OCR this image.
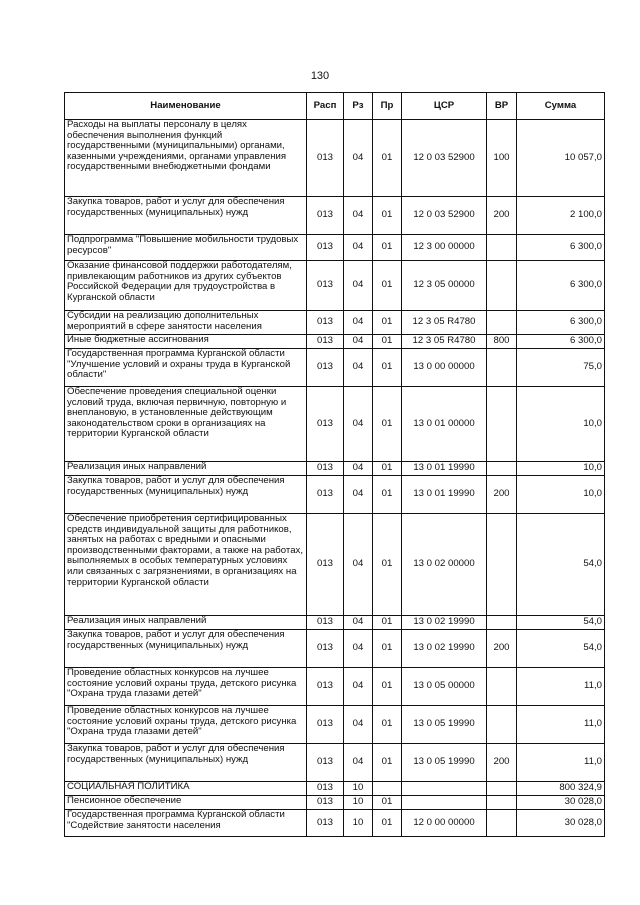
130
Наименование	Расп	Рз	Пр	ЦСР	ВР	Сумма
Расходы на выплаты персоналу в целях обеспечения выполнения функций государственными (муниципальными) органами, казенными учреждениями, органами управления государственными внебюджетными фондами	013	04	01	12 0 03 52900	100	10 057,0
Закупка товаров, работ и услуг для обеспечения государственных (муниципальных) нужд	013	04	01	12 0 03 52900	200	2 100,0
Подпрограмма "Повышение мобильности трудовых ресурсов"	013	04	01	12 3 00 00000		6 300,0
Оказание финансовой поддержки работодателям, привлекающим работников из других субъектов Российской Федерации для трудоустройства в Курганской области	013	04	01	12 3 05 00000		6 300,0
Субсидии на реализацию дополнительных мероприятий в сфере занятости населения	013	04	01	12 3 05 R4780		6 300,0
Иные бюджетные ассигнования	013	04	01	12 3 05 R4780	800	6 300,0
Государственная программа Курганской области "Улучшение условий и охраны труда в Курганской области"	013	04	01	13 0 00 00000		75,0
Обеспечение проведения специальной оценки условий труда, включая первичную, повторную и внеплановую, в установленные действующим законодательством сроки в организациях на территории Курганской области	013	04	01	13 0 01 00000		10,0
Реализация иных направлений	013	04	01	13 0 01 19990		10,0
Закупка товаров, работ и услуг для обеспечения государственных (муниципальных) нужд	013	04	01	13 0 01 19990	200	10,0
Обеспечение приобретения сертифицированных средств индивидуальной защиты для работников, занятых на работах с вредными и опасными производственными факторами, а также на работах, выполняемых в особых температурных условиях или связанных с загрязнениями, в организациях на территории Курганской области	013	04	01	13 0 02 00000		54,0
Реализация иных направлений	013	04	01	13 0 02 19990		54,0
Закупка товаров, работ и услуг для обеспечения государственных (муниципальных) нужд	013	04	01	13 0 02 19990	200	54,0
Проведение областных конкурсов на лучшее состояние условий охраны труда, детского рисунка "Охрана труда глазами детей"	013	04	01	13 0 05 00000		11,0
Проведение областных конкурсов на лучшее состояние условий охраны труда, детского рисунка "Охрана труда глазами детей"	013	04	01	13 0 05 19990		11,0
Закупка товаров, работ и услуг для обеспечения государственных (муниципальных) нужд	013	04	01	13 0 05 19990	200	11,0
СОЦИАЛЬНАЯ ПОЛИТИКА	013	10				800 324,9
Пенсионное обеспечение	013	10	01			30 028,0
Государственная программа Курганской области "Содействие занятости населения	013	10	01	12 0 00 00000		30 028,0
